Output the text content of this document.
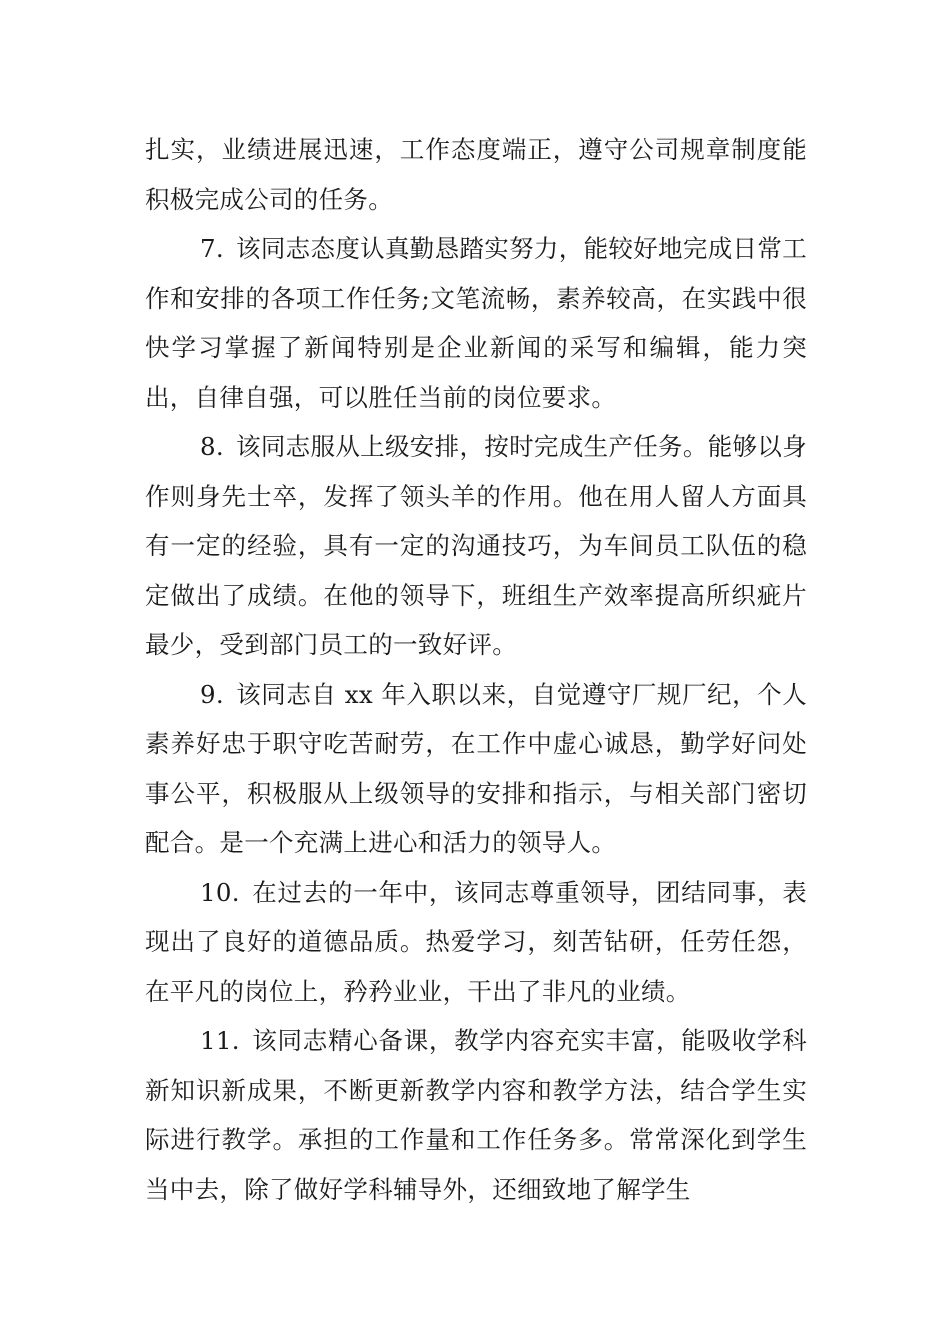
扎实，业绩进展迅速，工作态度端正，遵守公司规章制度能积极完成公司的任务。

7. 该同志态度认真勤恳踏实努力，能较好地完成日常工作和安排的各项工作任务;文笔流畅，素养较高，在实践中很快学习掌握了新闻特别是企业新闻的采写和编辑，能力突出，自律自强，可以胜任当前的岗位要求。

8. 该同志服从上级安排，按时完成生产任务。能够以身作则身先士卒，发挥了领头羊的作用。他在用人留人方面具有一定的经验，具有一定的沟通技巧，为车间员工队伍的稳定做出了成绩。在他的领导下，班组生产效率提高所织疵片最少，受到部门员工的一致好评。

9. 该同志自 xx 年入职以来，自觉遵守厂规厂纪，个人素养好忠于职守吃苦耐劳，在工作中虚心诚恳，勤学好问处事公平，积极服从上级领导的安排和指示，与相关部门密切配合。是一个充满上进心和活力的领导人。

10. 在过去的一年中，该同志尊重领导，团结同事，表现出了良好的道德品质。热爱学习，刻苦钻研，任劳任怨，在平凡的岗位上，矜矜业业，干出了非凡的业绩。

11. 该同志精心备课，教学内容充实丰富，能吸收学科新知识新成果，不断更新教学内容和教学方法，结合学生实际进行教学。承担的工作量和工作任务多。常常深化到学生当中去，除了做好学科辅导外，还细致地了解学生
